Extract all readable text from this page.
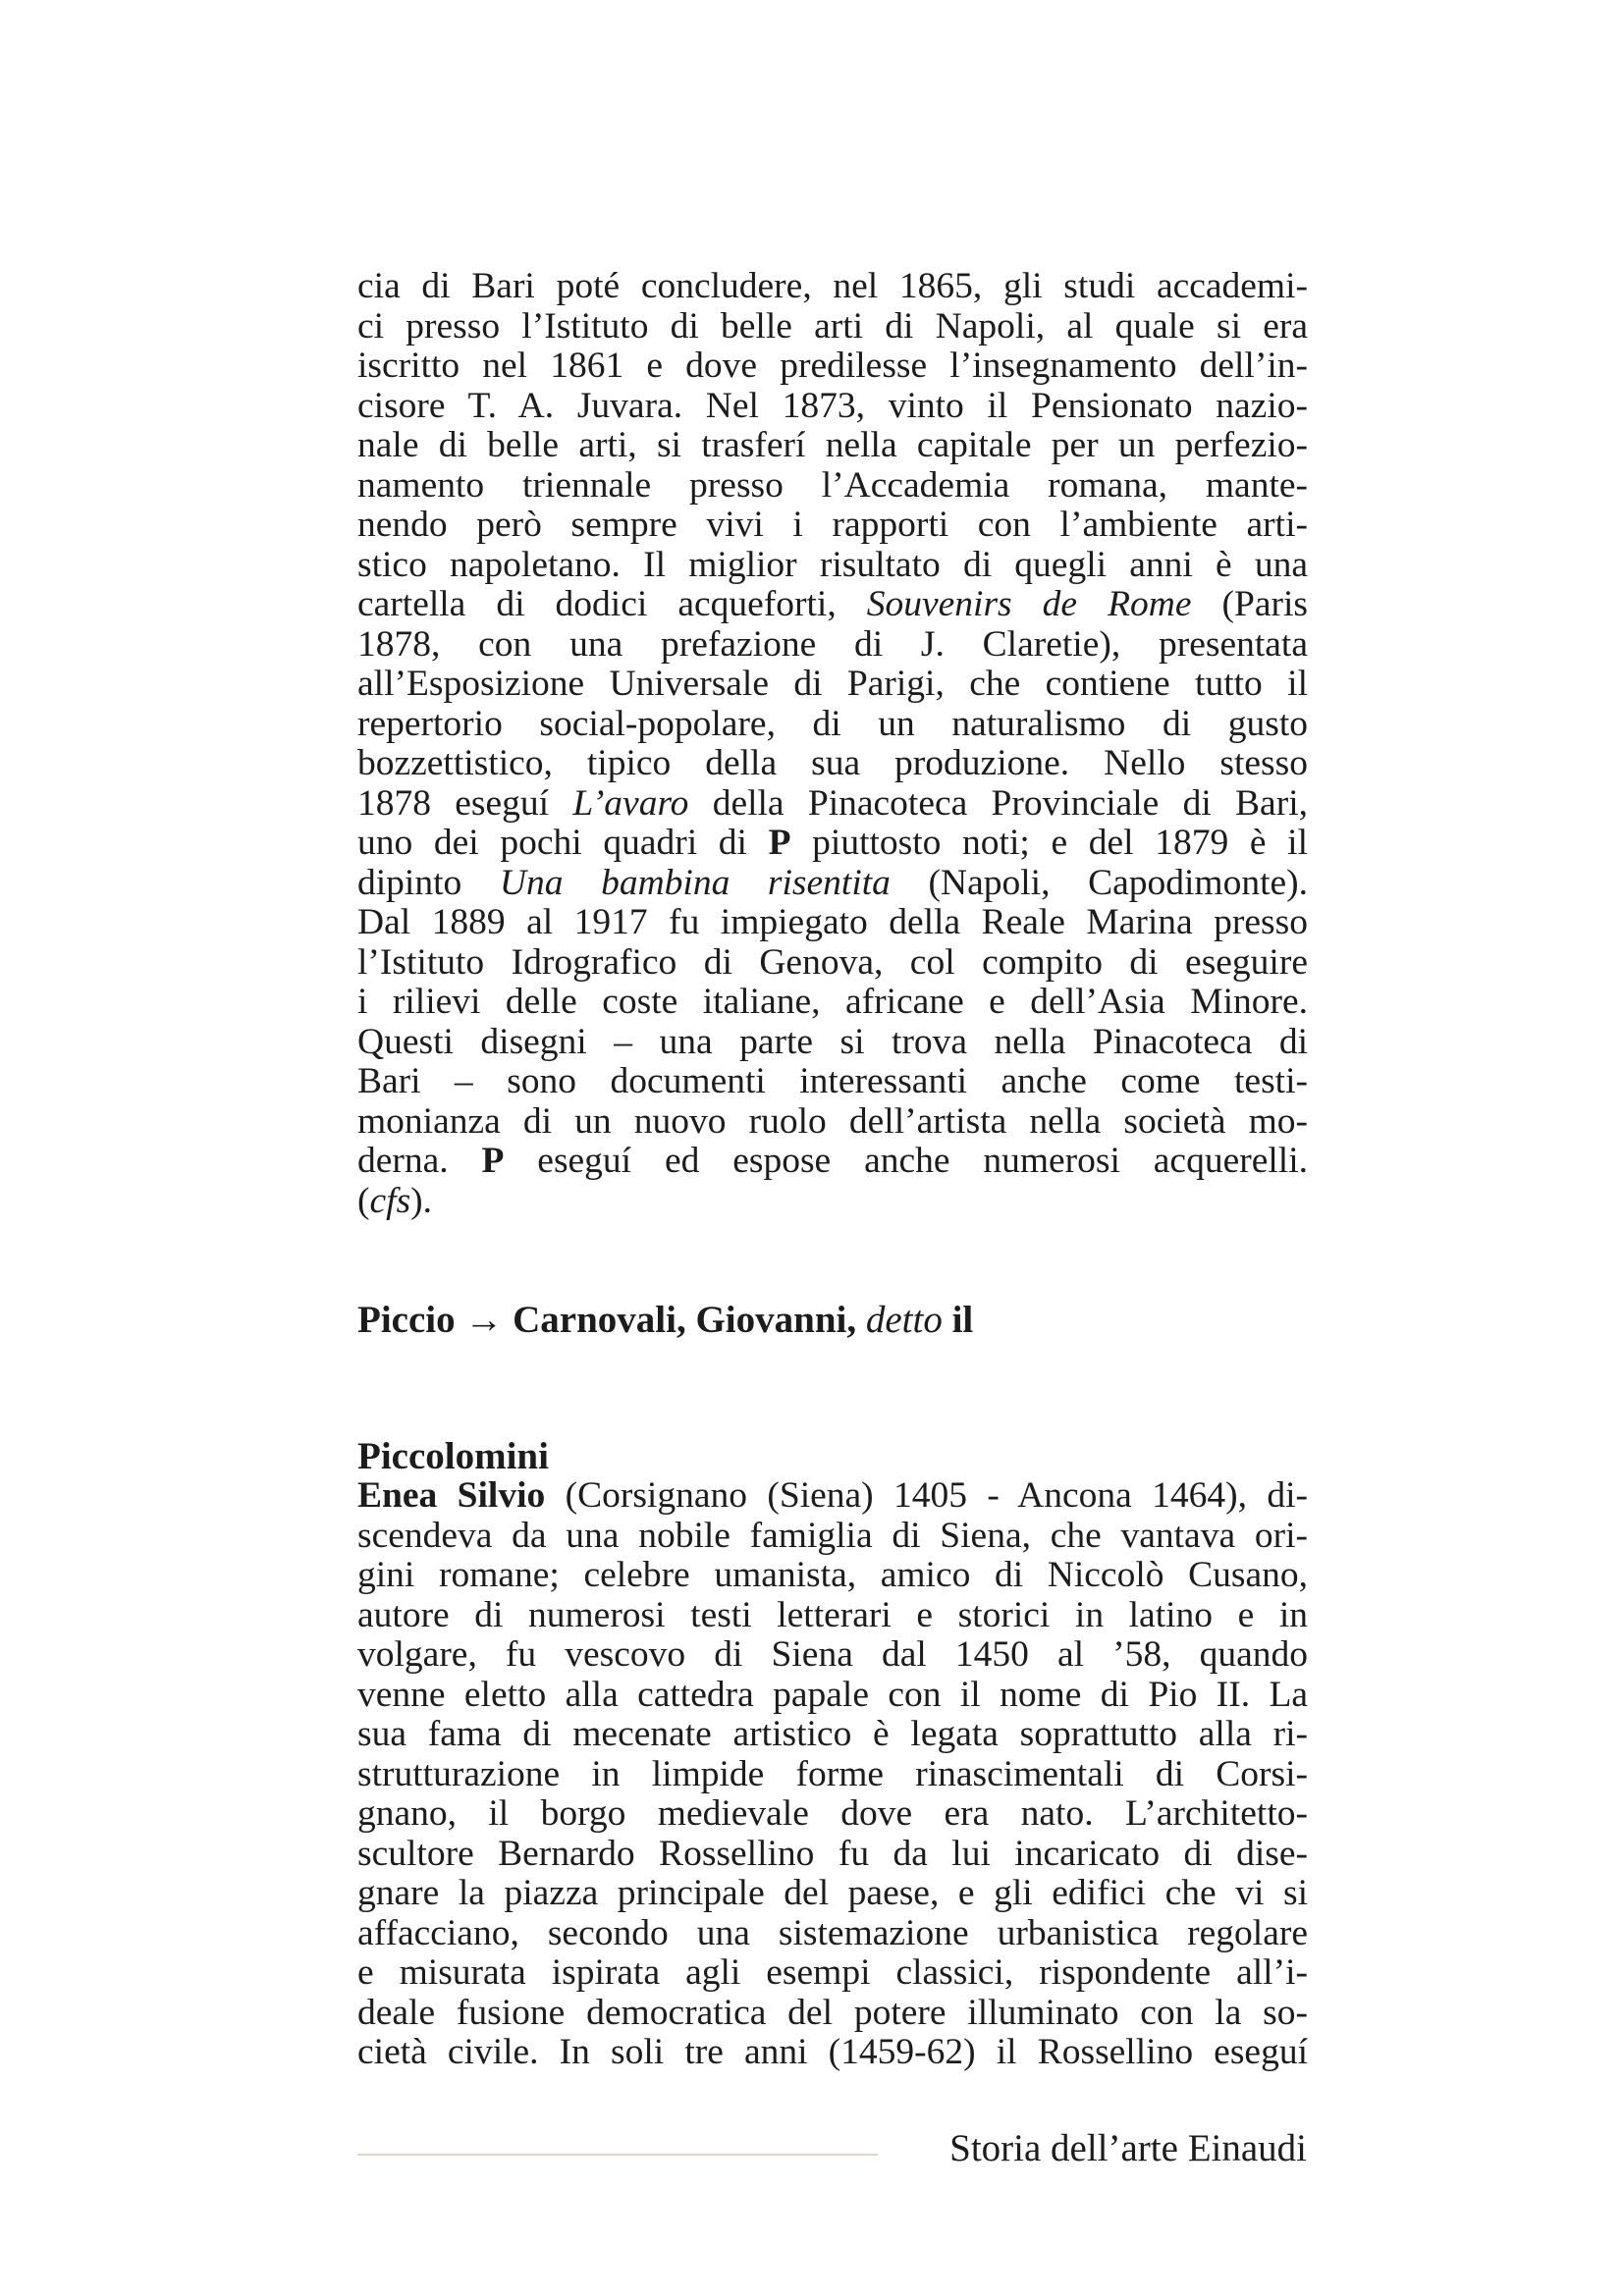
cia di Bari poté concludere, nel 1865, gli studi accademi-
ci presso l’Istituto di belle arti di Napoli, al quale si era
iscritto nel 1861 e dove predilesse l’insegnamento dell’in-
cisore T. A. Juvara. Nel 1873, vinto il Pensionato nazio-
nale di belle arti, si trasferí nella capitale per un perfezio-
namento triennale presso l’Accademia romana, mante-
nendo però sempre vivi i rapporti con l’ambiente arti-
stico napoletano. Il miglior risultato di quegli anni è una
cartella di dodici acqueforti, Souvenirs de Rome (Paris
1878, con una prefazione di J. Claretie), presentata
all’Esposizione Universale di Parigi, che contiene tutto il
repertorio social-popolare, di un naturalismo di gusto
bozzettistico, tipico della sua produzione. Nello stesso
1878 eseguí L’avaro della Pinacoteca Provinciale di Bari,
uno dei pochi quadri di P piuttosto noti; e del 1879 è il
dipinto Una bambina risentita (Napoli, Capodimonte).
Dal 1889 al 1917 fu impiegato della Reale Marina presso
l’Istituto Idrografico di Genova, col compito di eseguire
i rilievi delle coste italiane, africane e dell’Asia Minore.
Questi disegni – una parte si trova nella Pinacoteca di
Bari – sono documenti interessanti anche come testi-
monianza di un nuovo ruolo dell’artista nella società mo-
derna. P eseguí ed espose anche numerosi acquerelli.
(cfs).
Piccio → Carnovali, Giovanni, detto il
Piccolomini
Enea Silvio (Corsignano (Siena) 1405 - Ancona 1464), di-
scendeva da una nobile famiglia di Siena, che vantava ori-
gini romane; celebre umanista, amico di Niccolò Cusano,
autore di numerosi testi letterari e storici in latino e in
volgare, fu vescovo di Siena dal 1450 al ’58, quando
venne eletto alla cattedra papale con il nome di Pio II. La
sua fama di mecenate artistico è legata soprattutto alla ri-
strutturazione in limpide forme rinascimentali di Corsi-
gnano, il borgo medievale dove era nato. L’architetto-
scultore Bernardo Rossellino fu da lui incaricato di dise-
gnare la piazza principale del paese, e gli edifici che vi si
affacciano, secondo una sistemazione urbanistica regolare
e misurata ispirata agli esempi classici, rispondente all’i-
deale fusione democratica del potere illuminato con la so-
cietà civile. In soli tre anni (1459-62) il Rossellino eseguí
Storia dell’arte Einaudi
